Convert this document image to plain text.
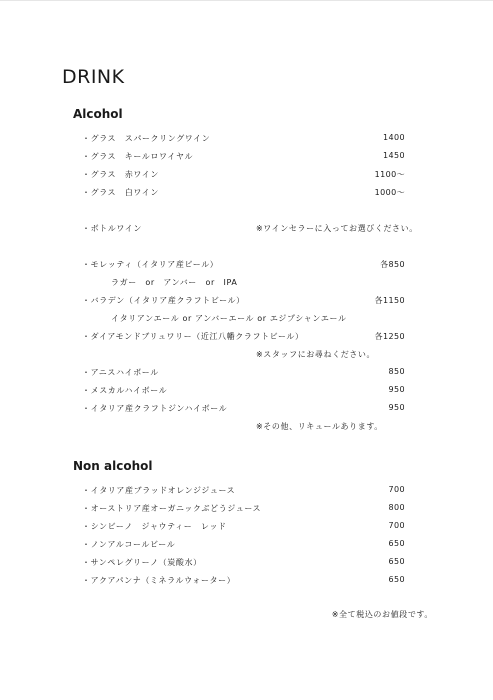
DRINK
Alcohol
・グラス　スパークリングワイン	1400
・グラス　キールロワイヤル	1450
・グラス　赤ワイン	1100～
・グラス　白ワイン	1000～
・ボトルワイン	※ワインセラーに入ってお選びください。
・モレッティ（イタリア産ビール）	各850
ラガー　or　アンバー　or　IPA
・バラデン（イタリア産クラフトビール）	各1150
イタリアンエール or アンバーエール or エジプシャンエール
・ダイアモンドブリュワリー（近江八幡クラフトビール）	各1250
※スタッフにお尋ねください。
・アニスハイボール	850
・メスカルハイボール	950
・イタリア産クラフトジンハイボール	950
※その他、リキュールあります。
Non alcohol
・イタリア産ブラッドオレンジジュース	700
・オーストリア産オーガニックぶどうジュース	800
・シンビーノ　ジャウティー　レッド	700
・ノンアルコールビール	650
・サンペレグリーノ（炭酸水）	650
・アクアパンナ（ミネラルウォーター）	650
※全て税込のお値段です。
